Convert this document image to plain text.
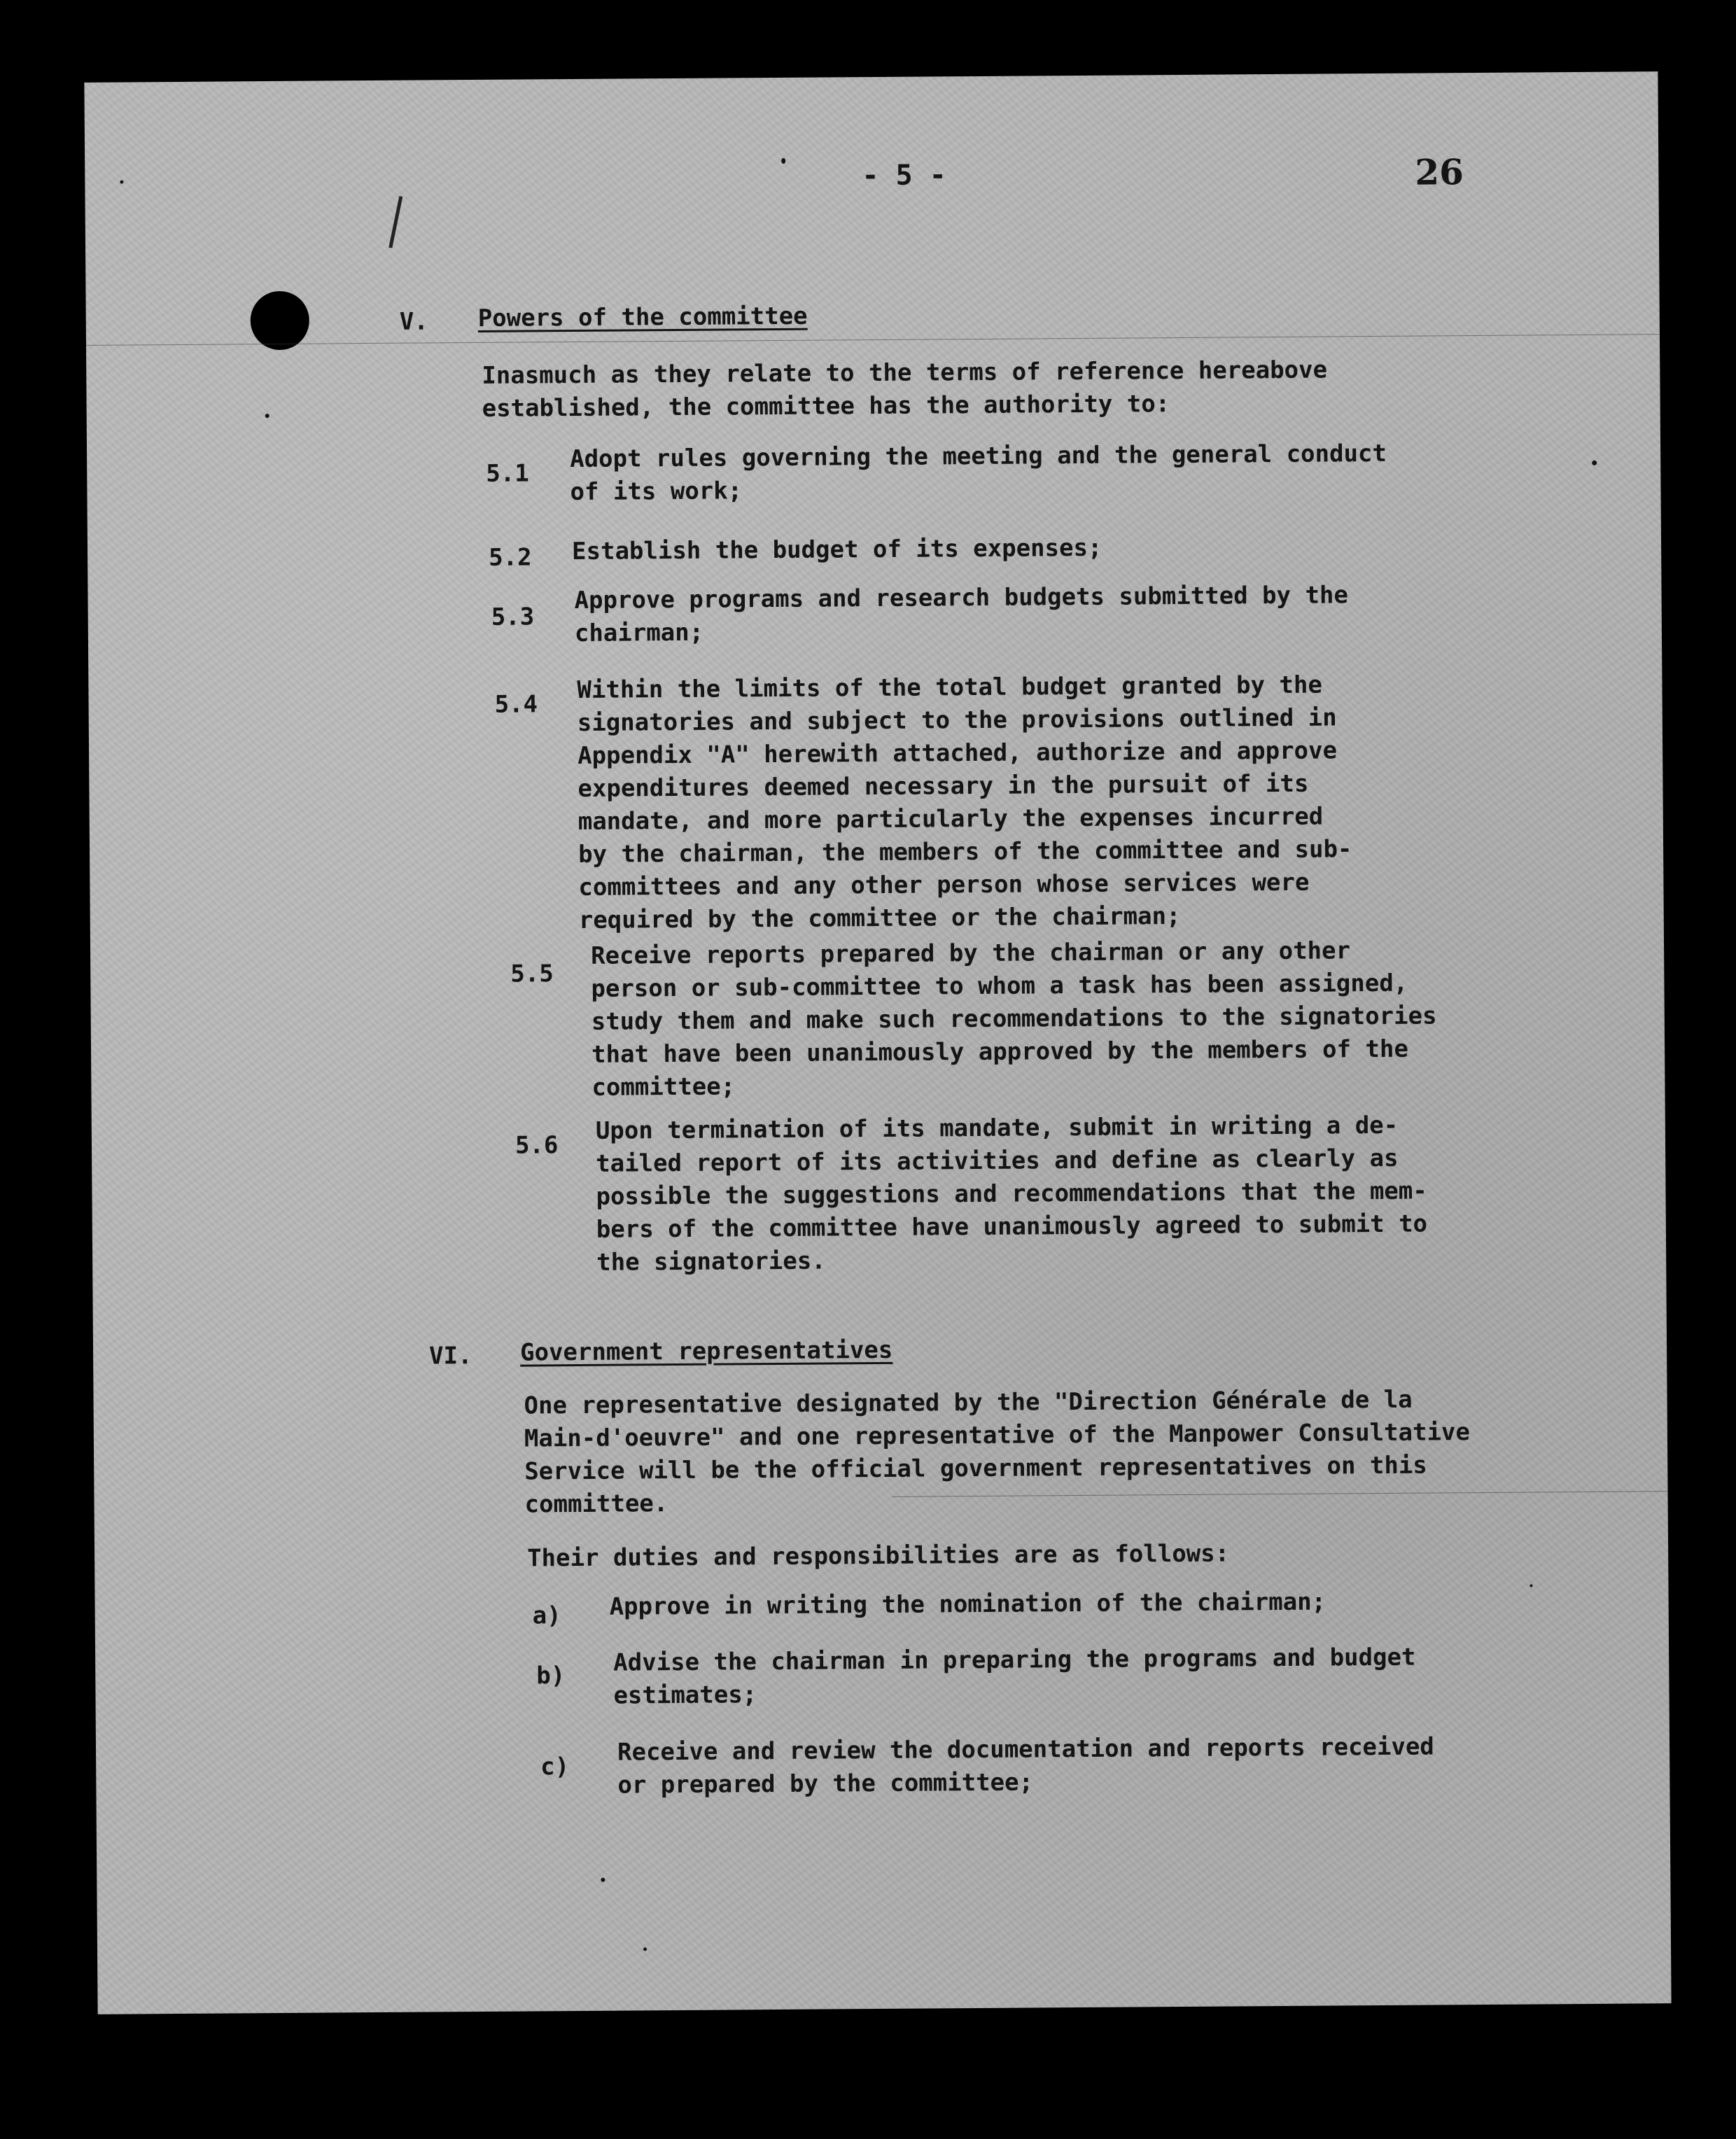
- 5 -	26
V. Powers of the committee
Inasmuch as they relate to the terms of reference hereabove
established, the committee has the authority to:
5.1
Adopt rules governing the meeting and the general conduct
of its work;
5.2 Establish the budget of its expenses;
5.3
Approve programs and research budgets submitted by the
chairman;
5.4
Within the limits of the total budget granted by the
signatories and subject to the provisions outlined in
Appendix "A" herewith attached, authorize and approve
expenditures deemed necessary in the pursuit of its
mandate, and more particularly the expenses incurred
by the chairman, the members of the committee and sub-
committees and any other person whose services were
required by the committee or the chairman;
5.5
Receive reports prepared by the chairman or any other
person or sub-committee to whom a task has been assigned,
study them and make such recommendations to the signatories
that have been unanimously approved by the members of the
committee;
5.6
Upon termination of its mandate, submit in writing a de-
tailed report of its activities and define as clearly as
possible the suggestions and recommendations that the mem-
bers of the committee have unanimously agreed to submit to
the signatories.
VI. Government representatives
One representative designated by the "Direction Générale de la
Main-d'oeuvre" and one representative of the Manpower Consultative
Service will be the official government representatives on this
committee.
Their duties and responsibilities are as follows:
a) Approve in writing the nomination of the chairman;
b) Advise the chairman in preparing the programs and budget
estimates;
c)
Receive and review the documentation and reports received
or prepared by the committee;
